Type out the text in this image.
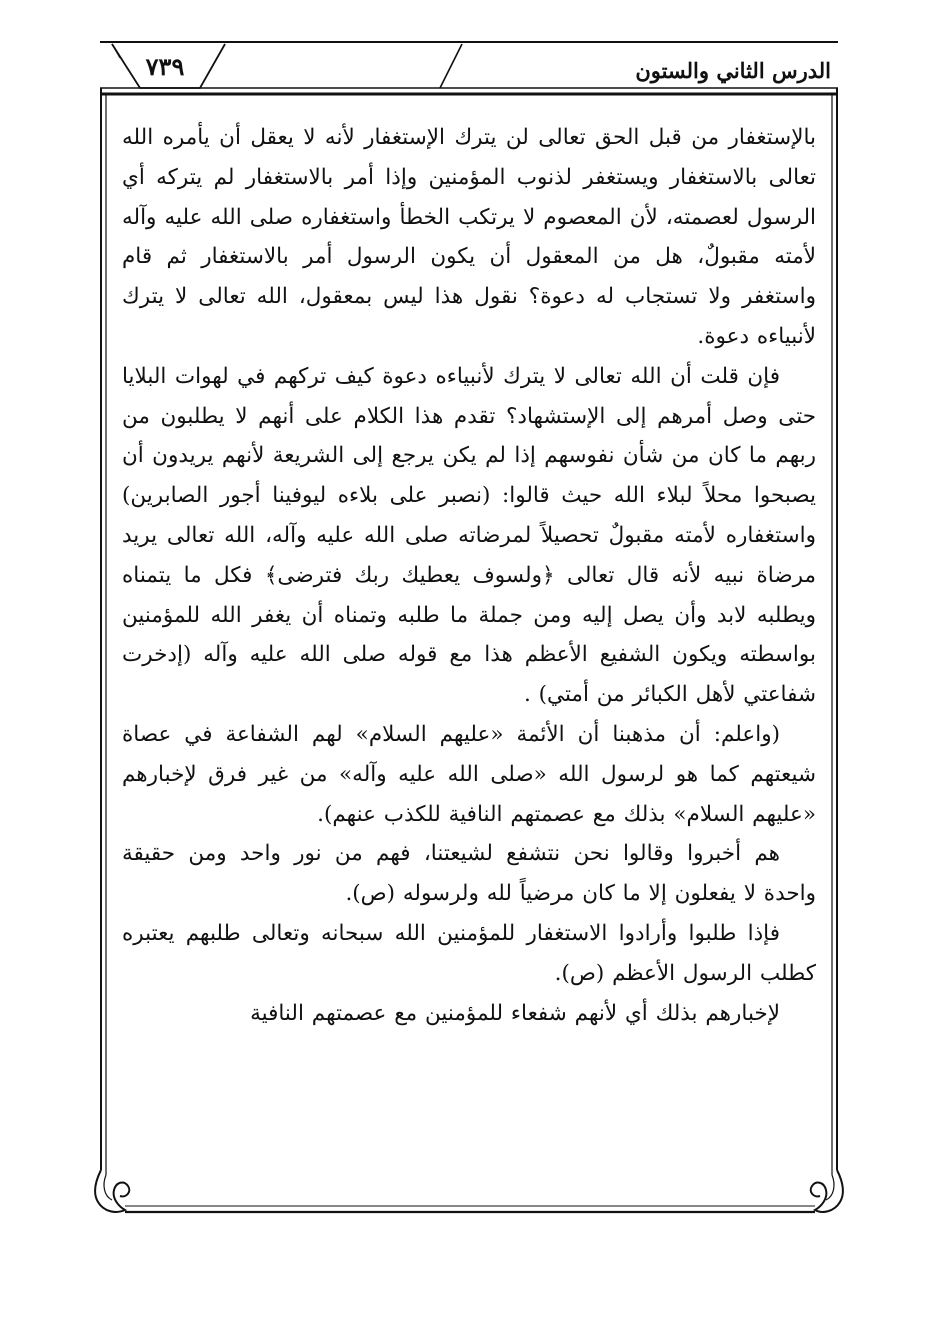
الدرس الثاني والستون
٧٣٩

بالإستغفار من قبل الحق تعالى لن يترك الإستغفار لأنه لا يعقل أن يأمره الله تعالى بالاستغفار ويستغفر لذنوب المؤمنين وإذا أمر بالاستغفار لم يتركه أي الرسول لعصمته، لأن المعصوم لا يرتكب الخطأ واستغفاره صلى الله عليه وآله لأمته مقبولٌ، هل من المعقول أن يكون الرسول أمر بالاستغفار ثم قام واستغفر ولا تستجاب له دعوة؟ نقول هذا ليس بمعقول، الله تعالى لا يترك لأنبياءه دعوة.

فإن قلت أن الله تعالى لا يترك لأنبياءه دعوة كيف تركهم في لهوات البلايا حتى وصل أمرهم إلى الإستشهاد؟ تقدم هذا الكلام على أنهم لا يطلبون من ربهم ما كان من شأن نفوسهم إذا لم يكن يرجع إلى الشريعة لأنهم يريدون أن يصبحوا محلاً لبلاء الله حيث قالوا: (نصبر على بلاءه ليوفينا أجور الصابرين) واستغفاره لأمته مقبولٌ تحصيلاً لمرضاته صلى الله عليه وآله، الله تعالى يريد مرضاة نبيه لأنه قال تعالى ﴿ولسوف يعطيك ربك فترضى﴾ فكل ما يتمناه ويطلبه لابد وأن يصل إليه ومن جملة ما طلبه وتمناه أن يغفر الله للمؤمنين بواسطته ويكون الشفيع الأعظم هذا مع قوله صلى الله عليه وآله (إدخرت شفاعتي لأهل الكبائر من أمتي) .

(واعلم: أن مذهبنا أن الأئمة «عليهم السلام» لهم الشفاعة في عصاة شيعتهم كما هو لرسول الله «صلى الله عليه وآله» من غير فرق لإخبارهم «عليهم السلام» بذلك مع عصمتهم النافية للكذب عنهم).

هم أخبروا وقالوا نحن نتشفع لشيعتنا، فهم من نور واحد ومن حقيقة واحدة لا يفعلون إلا ما كان مرضياً لله ولرسوله (ص).

فإذا طلبوا وأرادوا الاستغفار للمؤمنين الله سبحانه وتعالى طلبهم يعتبره كطلب الرسول الأعظم (ص).

لإخبارهم بذلك أي لأنهم شفعاء للمؤمنين مع عصمتهم النافية
